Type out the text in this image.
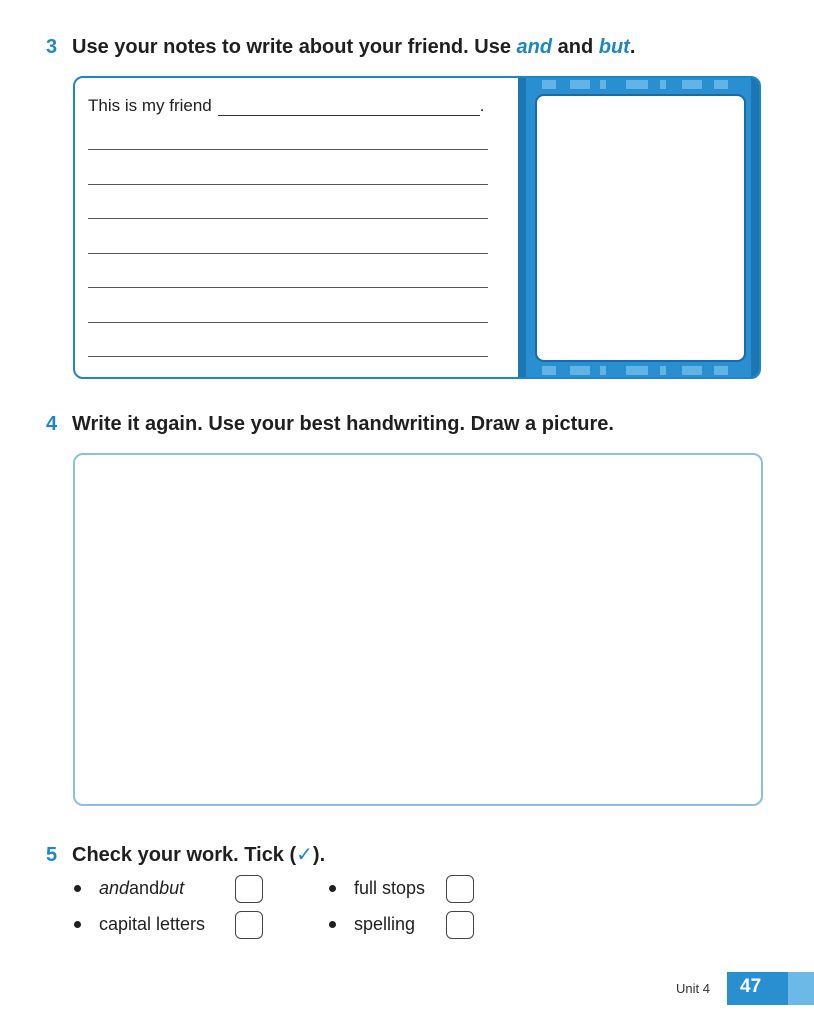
3 Use your notes to write about your friend. Use and and but.
This is my friend	.
4 Write it again. Use your best handwriting. Draw a picture.
5 Check your work. Tick (✓).
and and but
capital letters
full stops
spelling
Unit 4 47
